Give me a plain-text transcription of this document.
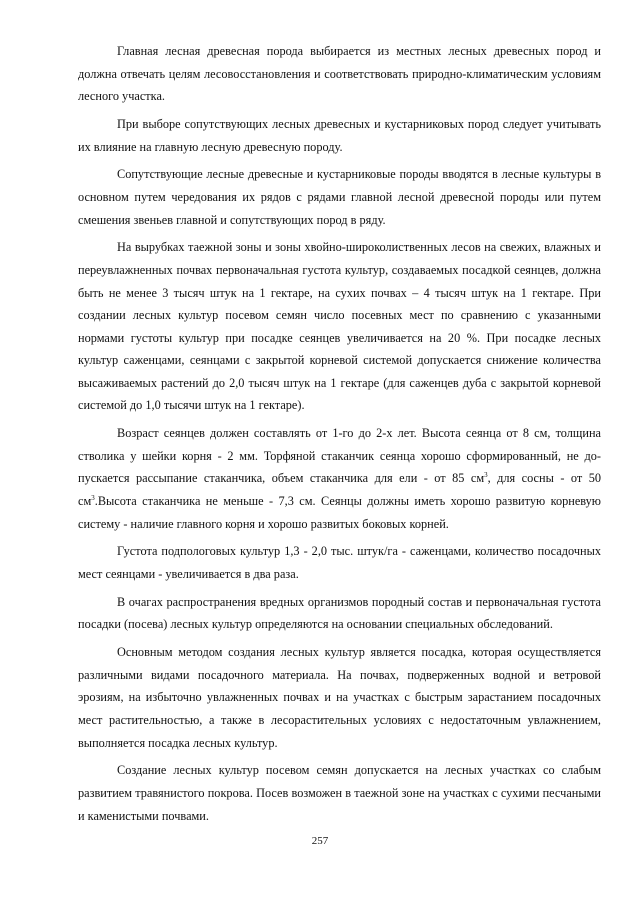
Главная лесная древесная порода выбирается из местных лесных древесных пород и должна отвечать целям лесовосстановления и соответствовать природно-климатическим условиям лесного участка.

При выборе сопутствующих лесных древесных и кустарниковых пород следует учитывать их влияние на главную лесную древесную породу.

Сопутствующие лесные древесные и кустарниковые породы вводятся в лесные культуры в основном путем чередования их рядов с рядами главной лесной древесной породы или путем смешения звеньев главной и сопутствующих пород в ряду.

На вырубках таежной зоны и зоны хвойно-широколиственных лесов на свежих, влажных и переувлажненных почвах первоначальная густота культур, создаваемых посадкой сеянцев, должна быть не менее 3 тысяч штук на 1 гектаре, на сухих почвах – 4 тысяч штук на 1 гектаре. При создании лесных культур посевом семян число посевных мест по сравнению с указанными нормами густоты культур при посадке сеянцев увеличивается на 20 %. При посадке лесных культур саженцами, сеянцами с закрытой корневой системой допускается снижение количества высаживаемых растений до 2,0 тысяч штук на 1 гектаре (для саженцев дуба с закрытой корневой системой до 1,0 тысячи штук на 1 гектаре).

Возраст сеянцев должен составлять от 1-го до 2-х лет. Высота сеянца от 8 см, толщина стволика у шейки корня - 2 мм. Торфяной стаканчик сеянца хорошо сформированный, не допускается рассыпание стаканчика, объем стаканчика для ели - от 85 $см^3$, для сосны - от 50 $см^3.Высота$ стаканчика не меньше - 7,3 см. Сеянцы должны иметь хорошо развитую корневую систему - наличие главного корня и хорошо развитых боковых корней.

Густота подпологовых культур 1,3 - 2,0 тыс. штук/га - саженцами, количество посадочных мест сеянцами - увеличивается в два раза.

В очагах распространения вредных организмов породный состав и первоначальная густота посадки (посева) лесных культур определяются на основании специальных обследований.

Основным методом создания лесных культур является посадка, которая осуществляется различными видами посадочного материала. На почвах, подверженных водной и ветровой эрозиям, на избыточно увлажненных почвах и на участках с быстрым зарастанием посадочных мест растительностью, а также в лесорастительных условиях с недостаточным увлажнением, выполняется посадка лесных культур.

Создание лесных культур посевом семян допускается на лесных участках со слабым развитием травянистого покрова. Посев возможен в таежной зоне на участках с сухими песчаными и каменистыми почвами.

257
